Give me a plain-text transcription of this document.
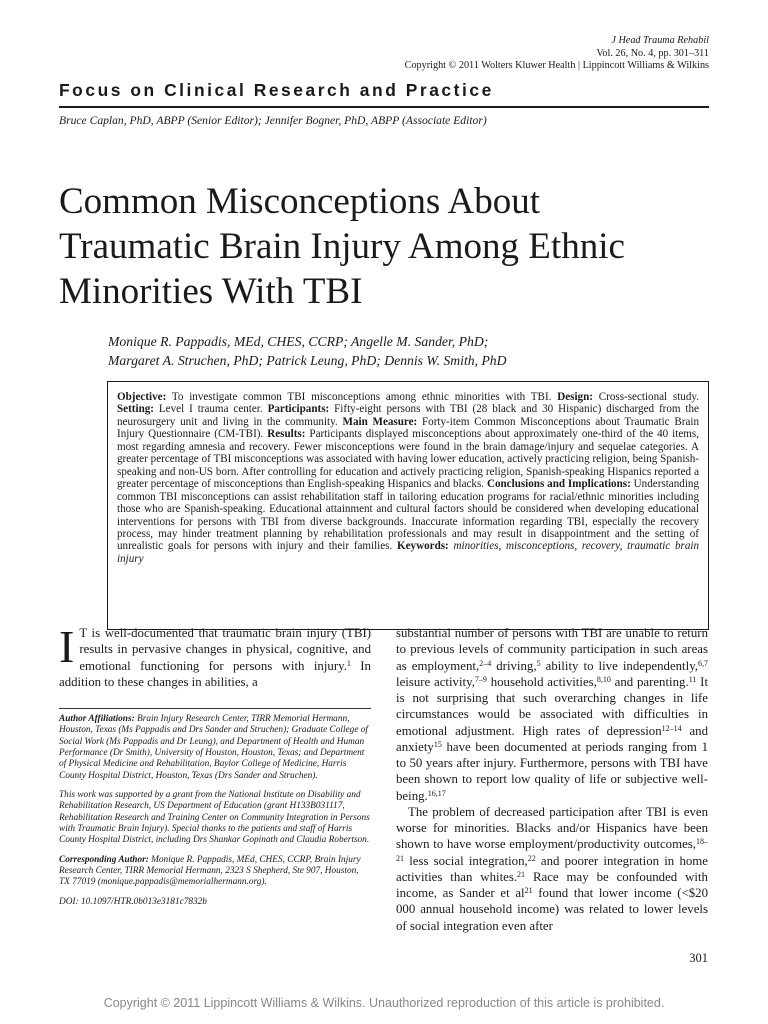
J Head Trauma Rehabil
Vol. 26, No. 4, pp. 301–311
Copyright © 2011 Wolters Kluwer Health | Lippincott Williams & Wilkins
Focus on Clinical Research and Practice
Bruce Caplan, PhD, ABPP (Senior Editor); Jennifer Bogner, PhD, ABPP (Associate Editor)
Common Misconceptions About
Traumatic Brain Injury Among Ethnic
Minorities With TBI
Monique R. Pappadis, MEd, CHES, CCRP; Angelle M. Sander, PhD;
Margaret A. Struchen, PhD; Patrick Leung, PhD; Dennis W. Smith, PhD
Objective: To investigate common TBI misconceptions among ethnic minorities with TBI. Design: Cross-sectional study. Setting: Level I trauma center. Participants: Fifty-eight persons with TBI (28 black and 30 Hispanic) discharged from the neurosurgery unit and living in the community. Main Measure: Forty-item Common Misconceptions about Traumatic Brain Injury Questionnaire (CM-TBI). Results: Participants displayed misconceptions about approximately one-third of the 40 items, most regarding amnesia and recovery. Fewer misconceptions were found in the brain damage/injury and sequelae categories. A greater percentage of TBI misconceptions was associated with having lower education, actively practicing religion, being Spanish-speaking and non-US born. After controlling for education and actively practicing religion, Spanish-speaking Hispanics reported a greater percentage of misconceptions than English-speaking Hispanics and blacks. Conclusions and Implications: Understanding common TBI misconceptions can assist rehabilitation staff in tailoring education programs for racial/ethnic minorities including those who are Spanish-speaking. Educational attainment and cultural factors should be considered when developing educational interventions for persons with TBI from diverse backgrounds. Inaccurate information regarding TBI, especially the recovery process, may hinder treatment planning by rehabilitation professionals and may result in disappointment and the setting of unrealistic goals for persons with injury and their families. Keywords: minorities, misconceptions, recovery, traumatic brain injury

I T is well-documented that traumatic brain injury (TBI) results in pervasive changes in physical, cognitive, and emotional functioning for persons with injury.$^1$ In addition to these changes in abilities, a

Author Affiliations: Brain Injury Research Center, TIRR Memorial Hermann, Houston, Texas (Ms Pappadis and Drs Sander and Struchen); Graduate College of Social Work (Ms Pappadis and Dr Leung), and Department of Health and Human Performance (Dr Smith), University of Houston, Houston, Texas; and Department of Physical Medicine and Rehabilitation, Baylor College of Medicine, Harris County Hospital District, Houston, Texas (Drs Sander and Struchen).

This work was supported by a grant from the National Institute on Disability and Rehabilitation Research, US Department of Education (grant H133B031117, Rehabilitation Research and Training Center on Community Integration in Persons with Traumatic Brain Injury). Special thanks to the patients and staff of Harris County Hospital District, including Drs Shankar Gopinath and Claudia Robertson.

Corresponding Author: Monique R. Pappadis, MEd, CHES, CCRP, Brain Injury Research Center, TIRR Memorial Hermann, 2323 S Shepherd, Ste 907, Houston, TX 77019 (monique.pappadis@memorialhermann.org).

DOI: 10.1097/HTR.0b013e3181c7832b

substantial number of persons with TBI are unable to return to previous levels of community participation in such areas as employment,$^{2-4}$ driving,$^5$ ability to live independently,$^{6,7}$ leisure activity,$^{7-9}$ household activities,$^{8,10}$ and parenting.$^{11}$ It is not surprising that such overarching changes in life circumstances would be associated with difficulties in emotional adjustment. High rates of depression$^{12-14}$ and anxiety$^{15}$ have been documented at periods ranging from 1 to 50 years after injury. Furthermore, persons with TBI have been shown to report low quality of life or subjective well-being.$^{16,17}$

The problem of decreased participation after TBI is even worse for minorities. Blacks and/or Hispanics have been shown to have worse employment/productivity outcomes,$^{18-21}$ less social integration,$^{22}$ and poorer integration in home activities than whites.$^{21}$ Race may be confounded with income, as Sander et $al^{21}$ found that lower income (<$20 000 annual household income) was related to lower levels of social integration even after

301
Copyright © 2011 Lippincott Williams & Wilkins. Unauthorized reproduction of this article is prohibited.
